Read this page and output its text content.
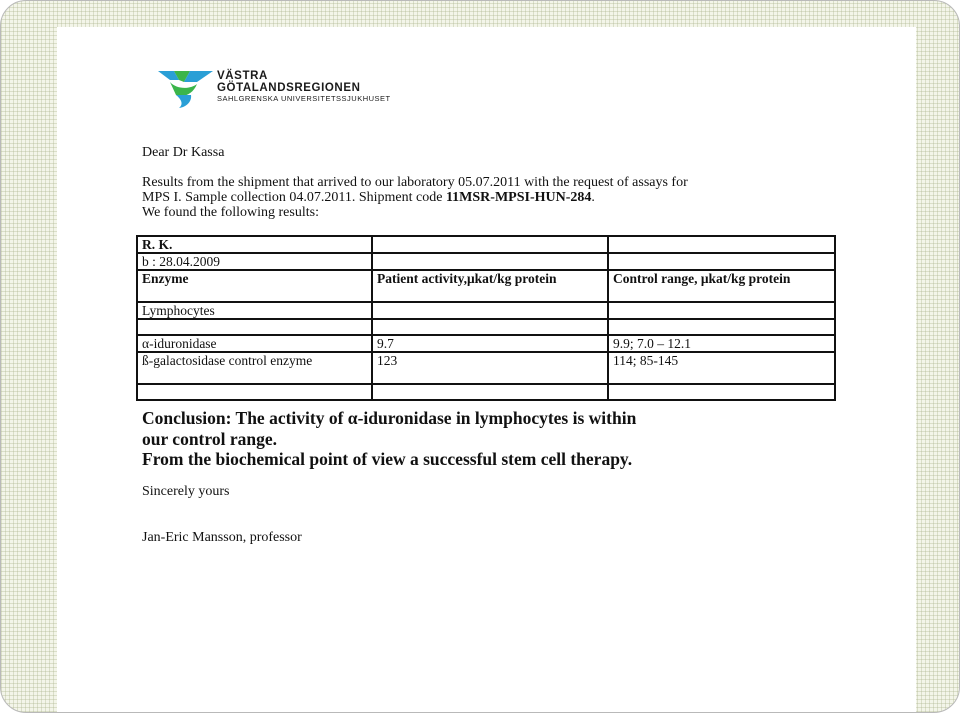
VÄSTRA
GÖTALANDSREGIONEN
SAHLGRENSKA UNIVERSITETSSJUKHUSET
Dear Dr Kassa
Results from the shipment that arrived to our laboratory 05.07.2011 with the request of assays for
MPS I. Sample collection 04.07.2011. Shipment code 11MSR-MPSI-HUN-284.
We found the following results:
R. K.		
b : 28.04.2009		
Enzyme	Patient activity,μkat/kg protein	Control range, μkat/kg protein
Lymphocytes		

α-iduronidase	9.7	9.9; 7.0 – 12.1
ß-galactosidase control enzyme	123	114; 85-145

Conclusion: The activity of α-iduronidase in lymphocytes is within
our control range.
From the biochemical point of view a successful stem cell therapy.
Sincerely yours
Jan-Eric Mansson, professor
